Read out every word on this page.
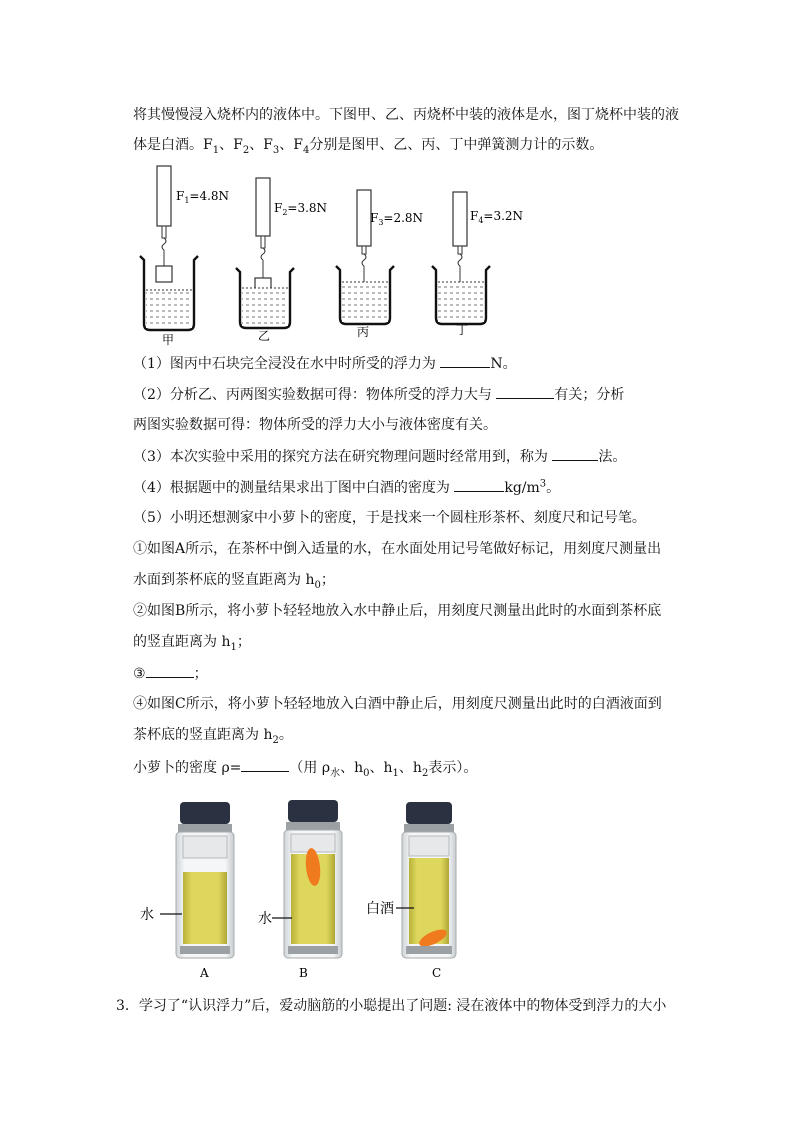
将其慢慢浸入烧杯内的液体中。下图甲、乙、丙烧杯中装的液体是水，图丁烧杯中装的液
体是白酒。$F_1$、$F_2$、$F_3$、$F_4$分别是图甲、乙、丙、丁中弹簧测力计的示数。
$F_1=4.8N$
甲
$F_2=3.8N$
乙
$F_3=2.8N$
丙
$F_4=3.2N$
丁
（1）图丙中石块完全浸没在水中时所受的浮力为	N。
（2）分析乙、丙两图实验数据可得：物体所受的浮力大与	有关；分析
两图实验数据可得：物体所受的浮力大小与液体密度有关。
（3）本次实验中采用的探究方法在研究物理问题时经常用到，称为	法。
（4）根据题中的测量结果求出丁图中白酒的密度为	$kg/m^3$。
（5）小明还想测家中小萝卜的密度，于是找来一个圆柱形茶杯、刻度尺和记号笔。
①如图A所示，在茶杯中倒入适量的水，在水面处用记号笔做好标记，用刻度尺测量出
水面到茶杯底的竖直距离为 $h_0$；
②如图B所示，将小萝卜轻轻地放入水中静止后，用刻度尺测量出此时的水面到茶杯底
的竖直距离为 $h_1$；
③	；
④如图C所示，将小萝卜轻轻地放入白酒中静止后，用刻度尺测量出此时的白酒液面到
茶杯底的竖直距离为 $h_2$。
小萝卜的密度 ρ=	（用 $\rho_水$、$h_0$、$h_1$、$h_2$表示）。
水
A
水
B
白酒
C
3．学习了“认识浮力”后，爱动脑筋的小聪提出了问题: 浸在液体中的物体受到浮力的大小
